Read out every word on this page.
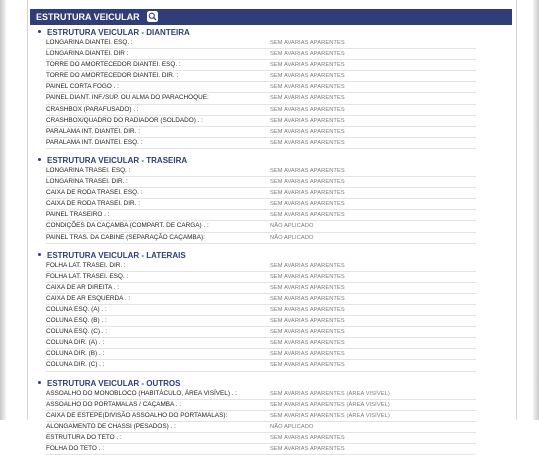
ESTRUTURA VEICULAR
ESTRUTURA VEICULAR - DIANTEIRA
LONGARINA DIANTEI. ESQ. :	SEM AVARIAS APARENTES
LONGARINA DIANTEI. DIR :	SEM AVARIAS APARENTES
TORRE DO AMORTECEDOR DIANTEI. ESQ. :	SEM AVARIAS APARENTES
TORRE DO AMORTECEDOR DIANTEI. DIR. :	SEM AVARIAS APARENTES
PAINEL CORTA FOGO . :	SEM AVARIAS APARENTES
PAINEL DIANT. INF./SUP. OU ALMA DO PARACHOQUE:	SEM AVARIAS APARENTES
CRASHBOX (PARAFUSADO) . :	SEM AVARIAS APARENTES
CRASHBOX/QUADRO DO RADIADOR (SOLDADO) . :	SEM AVARIAS APARENTES
PARALAMA INT. DIANTEI. DIR. :	SEM AVARIAS APARENTES
PARALAMA INT. DIANTEI. ESQ. :	SEM AVARIAS APARENTES
ESTRUTURA VEICULAR - TRASEIRA
LONGARINA TRASEI. ESQ. :	SEM AVARIAS APARENTES
LONGARINA TRASEI. DIR. :	SEM AVARIAS APARENTES
CAIXA DE RODA TRASEI. ESQ. :	SEM AVARIAS APARENTES
CAIXA DE RODA TRASEI. DIR. :	SEM AVARIAS APARENTES
PAINEL TRASEIRO . :	SEM AVARIAS APARENTES
CONDIÇÕES DA CAÇAMBA (COMPART. DE CARGA) . :	NÃO APLICADO
PAINEL TRAS. DA CABINE (SEPARAÇÃO CAÇAMBA):	NÃO APLICADO
ESTRUTURA VEICULAR - LATERAIS
FOLHA LAT. TRASEI. DIR. :	SEM AVARIAS APARENTES
FOLHA LAT. TRASEI. ESQ. :	SEM AVARIAS APARENTES
CAIXA DE AR DIREITA . :	SEM AVARIAS APARENTES
CAIXA DE AR ESQUERDA . :	SEM AVARIAS APARENTES
COLUNA ESQ. (A) . :	SEM AVARIAS APARENTES
COLUNA ESQ. (B) . :	SEM AVARIAS APARENTES
COLUNA ESQ. (C) . :	SEM AVARIAS APARENTES
COLUNA DIR. (A) . :	SEM AVARIAS APARENTES
COLUNA DIR. (B) . :	SEM AVARIAS APARENTES
COLUNA DIR. (C) . :	SEM AVARIAS APARENTES
ESTRUTURA VEICULAR - OUTROS
ASSOALHO DO MONOBLOCO (HABITÁCULO, ÁREA VISÍVEL) . :	SEM AVARIAS APARENTES (ÁREA VISÍVEL)
ASSOALHO DO PORTAMALAS / CAÇAMBA . :	SEM AVARIAS APARENTES (ÁREA VISÍVEL)
CAIXA DE ESTEPE(DIVISÃO ASSOALHO DO PORTAMALAS):	SEM AVARIAS APARENTES (ÁREA VISÍVEL)
ALONGAMENTO DE CHASSI (PESADOS) . :	NÃO APLICADO
ESTRUTURA DO TETO . :	SEM AVARIAS APARENTES
FOLHA DO TETO . :	SEM AVARIAS APARENTES
